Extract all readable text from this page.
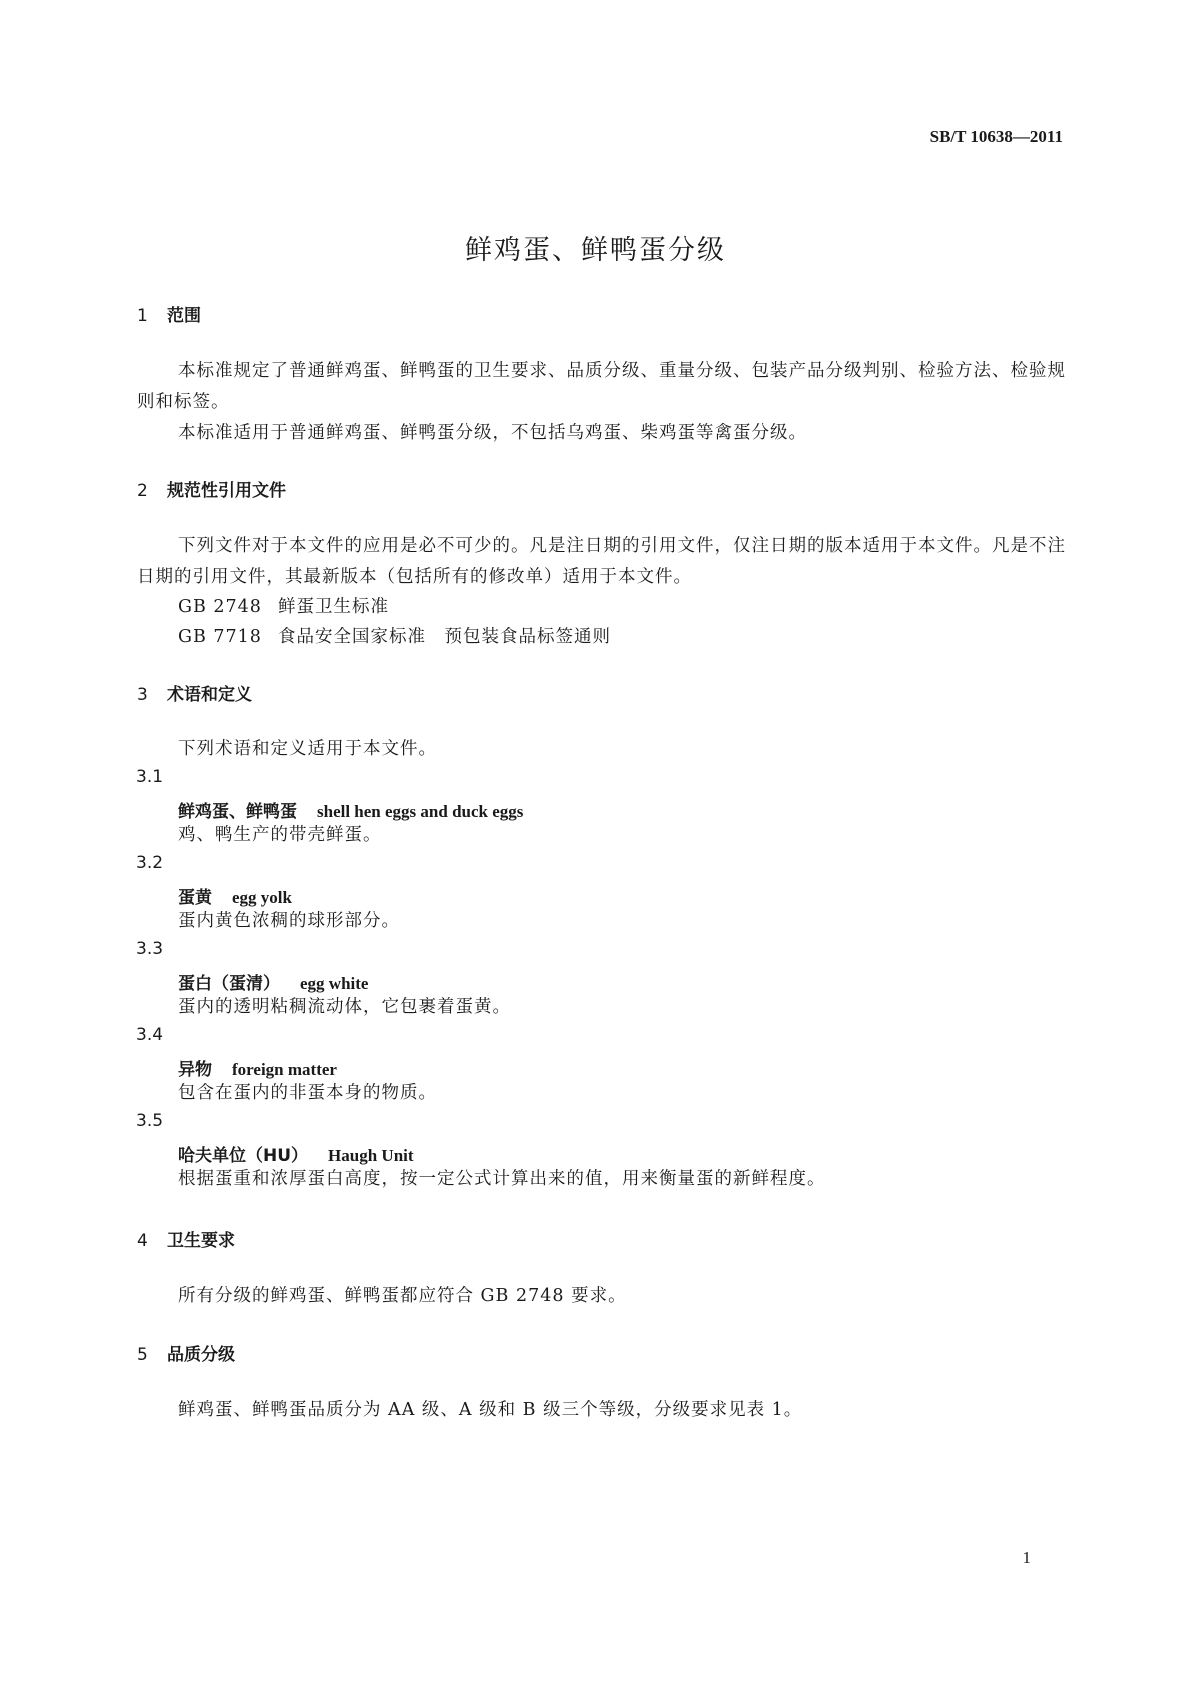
SB/T 10638—2011
鲜鸡蛋、鲜鸭蛋分级
1 范围
本标准规定了普通鲜鸡蛋、鲜鸭蛋的卫生要求、品质分级、重量分级、包装产品分级判别、检验方法、检验规则和标签。
本标准适用于普通鲜鸡蛋、鲜鸭蛋分级，不包括乌鸡蛋、柴鸡蛋等禽蛋分级。
2 规范性引用文件
下列文件对于本文件的应用是必不可少的。凡是注日期的引用文件，仅注日期的版本适用于本文件。凡是不注日期的引用文件，其最新版本（包括所有的修改单）适用于本文件。
GB 2748 鲜蛋卫生标准
GB 7718 食品安全国家标准　预包装食品标签通则
3 术语和定义
下列术语和定义适用于本文件。
3.1
鲜鸡蛋、鲜鸭蛋 shell hen eggs and duck eggs
鸡、鸭生产的带壳鲜蛋。
3.2
蛋黄 egg yolk
蛋内黄色浓稠的球形部分。
3.3
蛋白（蛋清） egg white
蛋内的透明粘稠流动体，它包裹着蛋黄。
3.4
异物 foreign matter
包含在蛋内的非蛋本身的物质。
3.5
哈夫单位（HU） Haugh Unit
根据蛋重和浓厚蛋白高度，按一定公式计算出来的值，用来衡量蛋的新鲜程度。
4 卫生要求
所有分级的鲜鸡蛋、鲜鸭蛋都应符合 GB 2748 要求。
5 品质分级
鲜鸡蛋、鲜鸭蛋品质分为 AA 级、A 级和 B 级三个等级，分级要求见表 1。
1
